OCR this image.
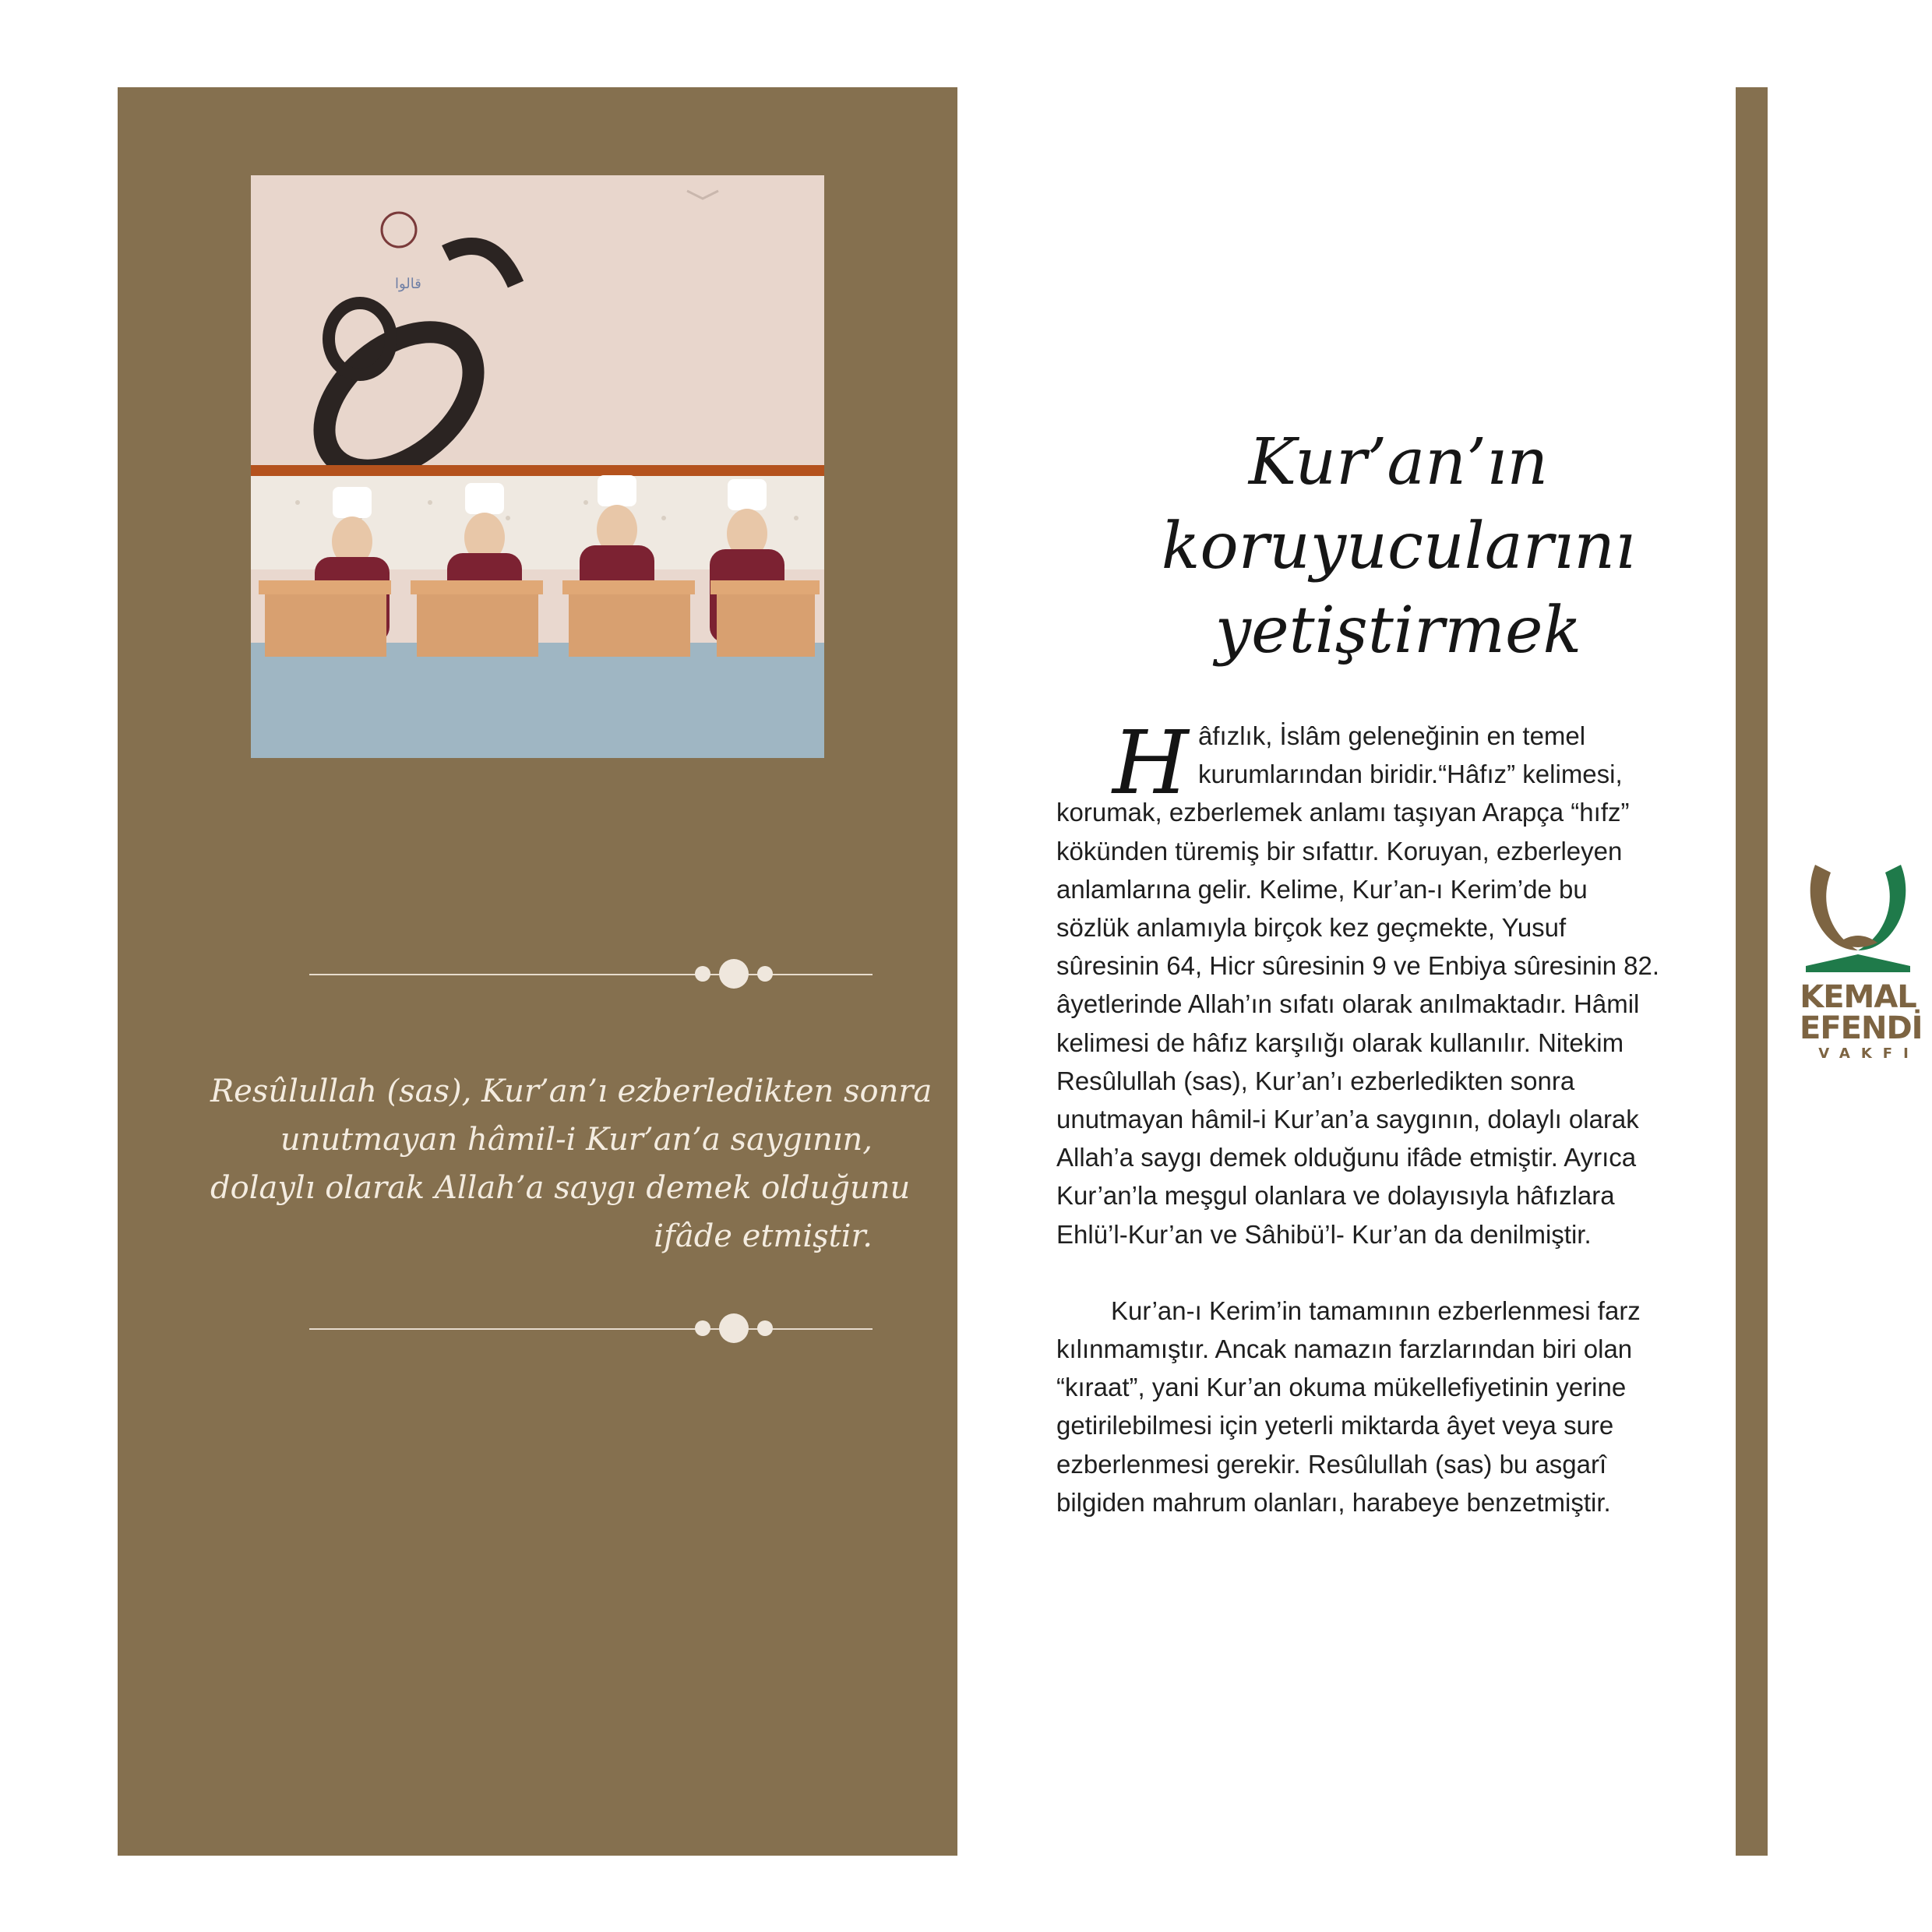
ﻗﺎﻟﻮﺍ
Resûlullah (sas), Kur’an’ı ezberledikten sonra
unutmayan hâmil-i Kur’an’a saygının,
dolaylı olarak Allah’a saygı demek olduğunu
ifâde etmiştir.
Kur’an’ın
koruyucularını
yetiştirmek
H âfızlık, İslâm geleneğinin en temel
kurumlarından biridir.“Hâfız” kelimesi,
korumak, ezberlemek anlamı taşıyan Arapça “hıfz”
kökünden türemiş bir sıfattır. Koruyan, ezberleyen
anlamlarına gelir. Kelime, Kur’an-ı Kerim’de bu
sözlük anlamıyla birçok kez geçmekte, Yusuf
sûresinin 64, Hicr sûresinin 9 ve Enbiya sûresinin 82.
âyetlerinde Allah’ın sıfatı olarak anılmaktadır. Hâmil
kelimesi de hâfız karşılığı olarak kullanılır. Nitekim
Resûlullah (sas), Kur’an’ı ezberledikten sonra
unutmayan hâmil-i Kur’an’a saygının, dolaylı olarak
Allah’a saygı demek olduğunu ifâde etmiştir. Ayrıca
Kur’an’la meşgul olanlara ve dolayısıyla hâfızlara
Ehlü’l-Kur’an ve Sâhibü’l- Kur’an da denilmiştir.
Kur’an-ı Kerim’in tamamının ezberlenmesi farz
kılınmamıştır. Ancak namazın farzlarından biri olan
“kıraat”, yani Kur’an okuma mükellefiyetinin yerine
getirilebilmesi için yeterli miktarda âyet veya sure
ezberlenmesi gerekir. Resûlullah (sas) bu asgarî
bilgiden mahrum olanları, harabeye benzetmiştir.
KEMAL
EFENDİ
VAKFI
